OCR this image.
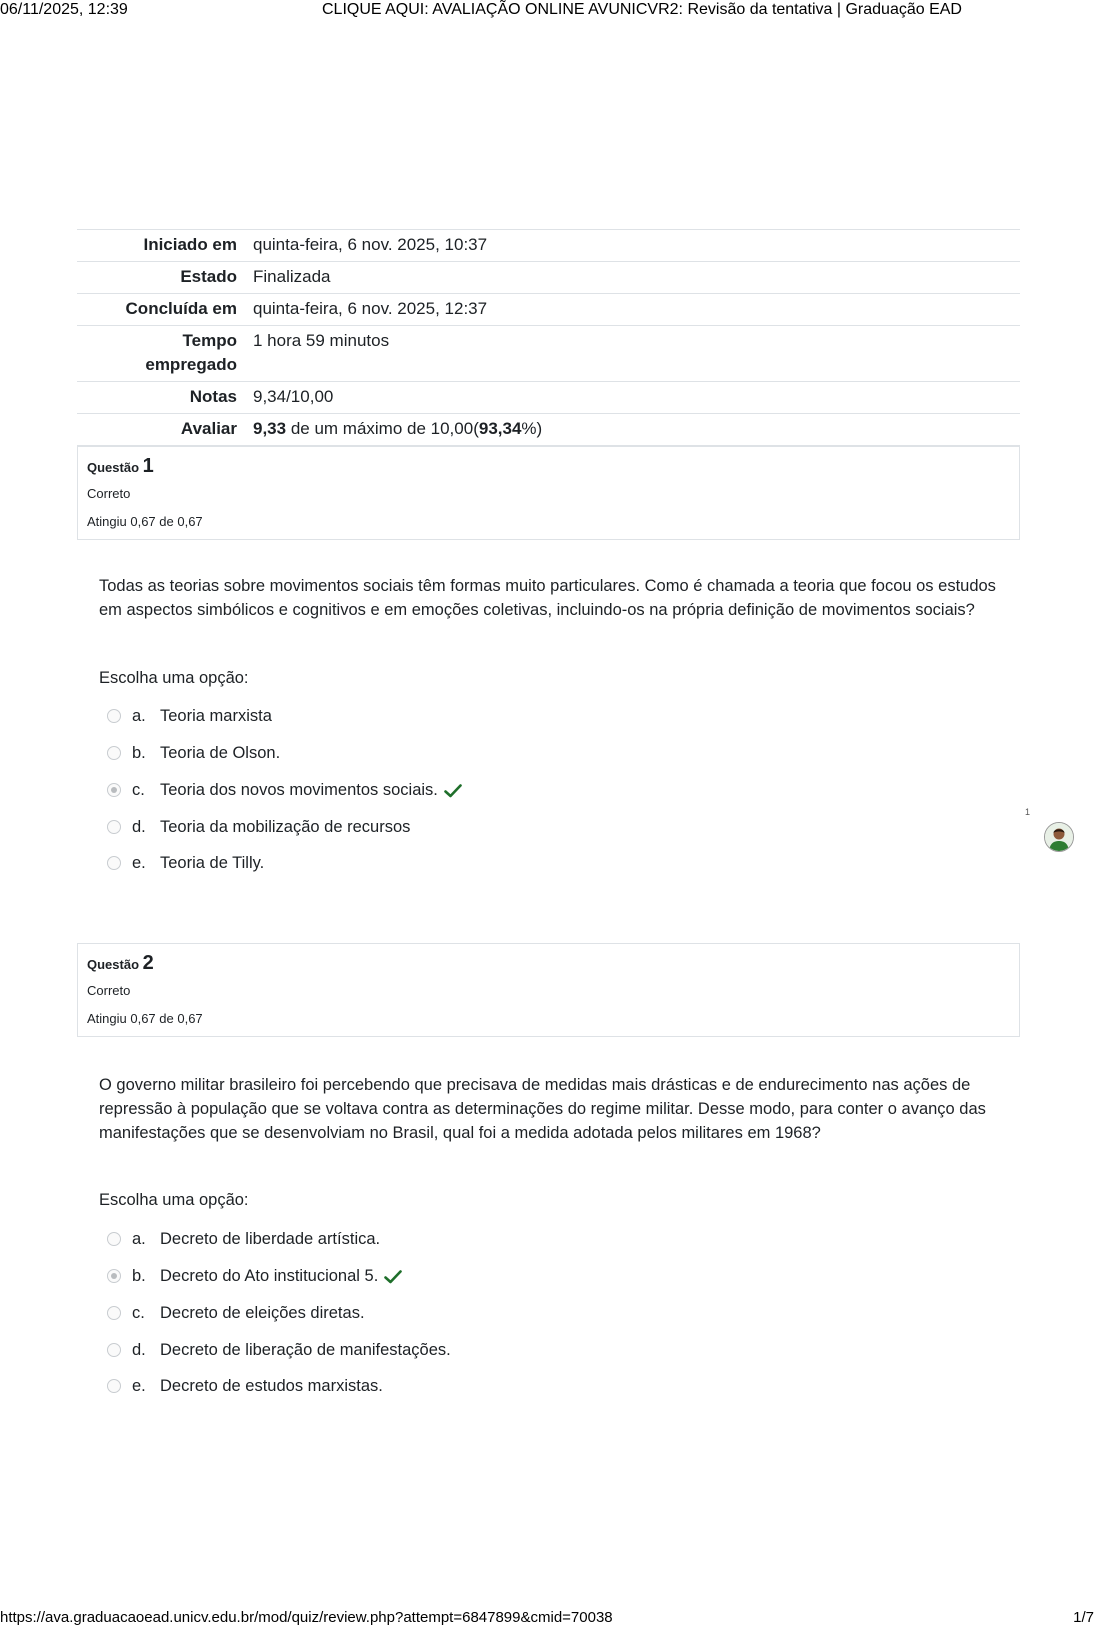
06/11/2025, 12:39	CLIQUE AQUI: AVALIAÇÃO ONLINE AVUNICVR2: Revisão da tentativa | Graduação EAD
Iniciado em	quinta-feira, 6 nov. 2025, 10:37
Estado	Finalizada
Concluída em	quinta-feira, 6 nov. 2025, 12:37
Tempo
empregado	1 hora 59 minutos
Notas	9,34/10,00
Avaliar	9,33 de um máximo de 10,00(93,34%)
Questão 1
Correto
Atingiu 0,67 de 0,67
Todas as teorias sobre movimentos sociais têm formas muito particulares. Como é chamada a teoria que focou os estudos em aspectos simbólicos e cognitivos e em emoções coletivas, incluindo-os na própria definição de movimentos sociais?
Escolha uma opção:
a. Teoria marxista
b. Teoria de Olson.
c. Teoria dos novos movimentos sociais.
d. Teoria da mobilização de recursos
e. Teoria de Tilly.
1
Questão 2
Correto
Atingiu 0,67 de 0,67
O governo militar brasileiro foi percebendo que precisava de medidas mais drásticas e de endurecimento nas ações de repressão à população que se voltava contra as determinações do regime militar. Desse modo, para conter o avanço das manifestações que se desenvolviam no Brasil, qual foi a medida adotada pelos militares em 1968?
Escolha uma opção:
a. Decreto de liberdade artística.
b. Decreto do Ato institucional 5.
c. Decreto de eleições diretas.
d. Decreto de liberação de manifestações.
e. Decreto de estudos marxistas.
https://ava.graduacaoead.unicv.edu.br/mod/quiz/review.php?attempt=6847899&cmid=70038	1/7
